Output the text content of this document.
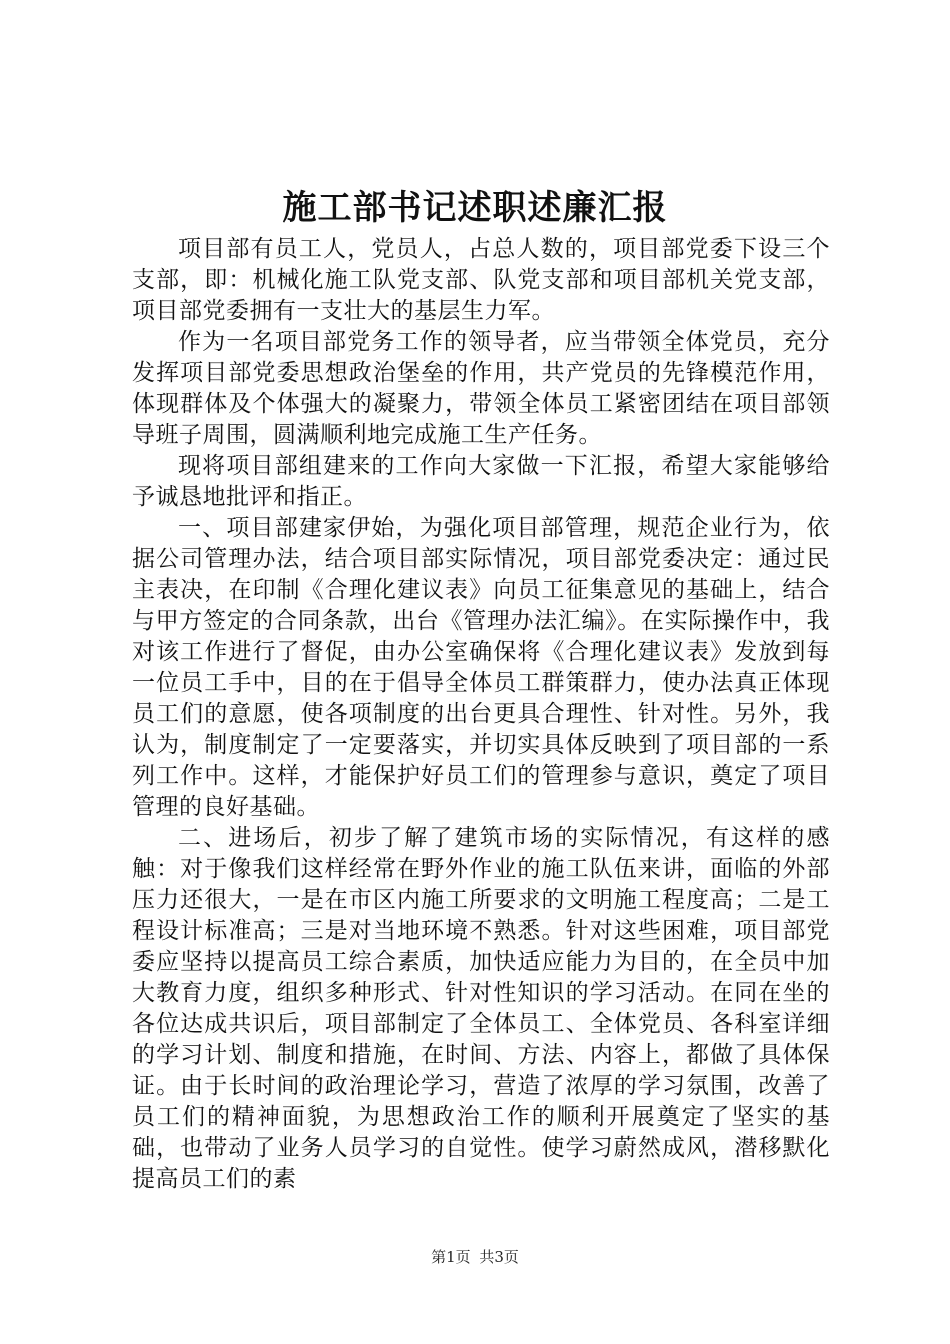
施工部书记述职述廉汇报

项目部有员工人，党员人，占总人数的，项目部党委下设三个支部，即：机械化施工队党支部、队党支部和项目部机关党支部，项目部党委拥有一支壮大的基层生力军。

作为一名项目部党务工作的领导者，应当带领全体党员，充分发挥项目部党委思想政治堡垒的作用，共产党员的先锋模范作用，体现群体及个体强大的凝聚力，带领全体员工紧密团结在项目部领导班子周围，圆满顺利地完成施工生产任务。

现将项目部组建来的工作向大家做一下汇报，希望大家能够给予诚恳地批评和指正。

一、项目部建家伊始，为强化项目部管理，规范企业行为，依据公司管理办法，结合项目部实际情况，项目部党委决定：通过民主表决，在印制《合理化建议表》向员工征集意见的基础上，结合与甲方签定的合同条款，出台《管理办法汇编》。在实际操作中，我对该工作进行了督促，由办公室确保将《合理化建议表》发放到每一位员工手中，目的在于倡导全体员工群策群力，使办法真正体现员工们的意愿，使各项制度的出台更具合理性、针对性。另外，我认为，制度制定了一定要落实，并切实具体反映到了项目部的一系列工作中。这样，才能保护好员工们的管理参与意识，奠定了项目管理的良好基础。

二、进场后，初步了解了建筑市场的实际情况，有这样的感触：对于像我们这样经常在野外作业的施工队伍来讲，面临的外部压力还很大，一是在市区内施工所要求的文明施工程度高；二是工程设计标准高；三是对当地环境不熟悉。针对这些困难，项目部党委应坚持以提高员工综合素质，加快适应能力为目的，在全员中加大教育力度，组织多种形式、针对性知识的学习活动。在同在坐的各位达成共识后，项目部制定了全体员工、全体党员、各科室详细的学习计划、制度和措施，在时间、方法、内容上，都做了具体保证。由于长时间的政治理论学习，营造了浓厚的学习氛围，改善了员工们的精神面貌，为思想政治工作的顺利开展奠定了坚实的基础，也带动了业务人员学习的自觉性。使学习蔚然成风，潜移默化提高员工们的素

第1页 共3页
